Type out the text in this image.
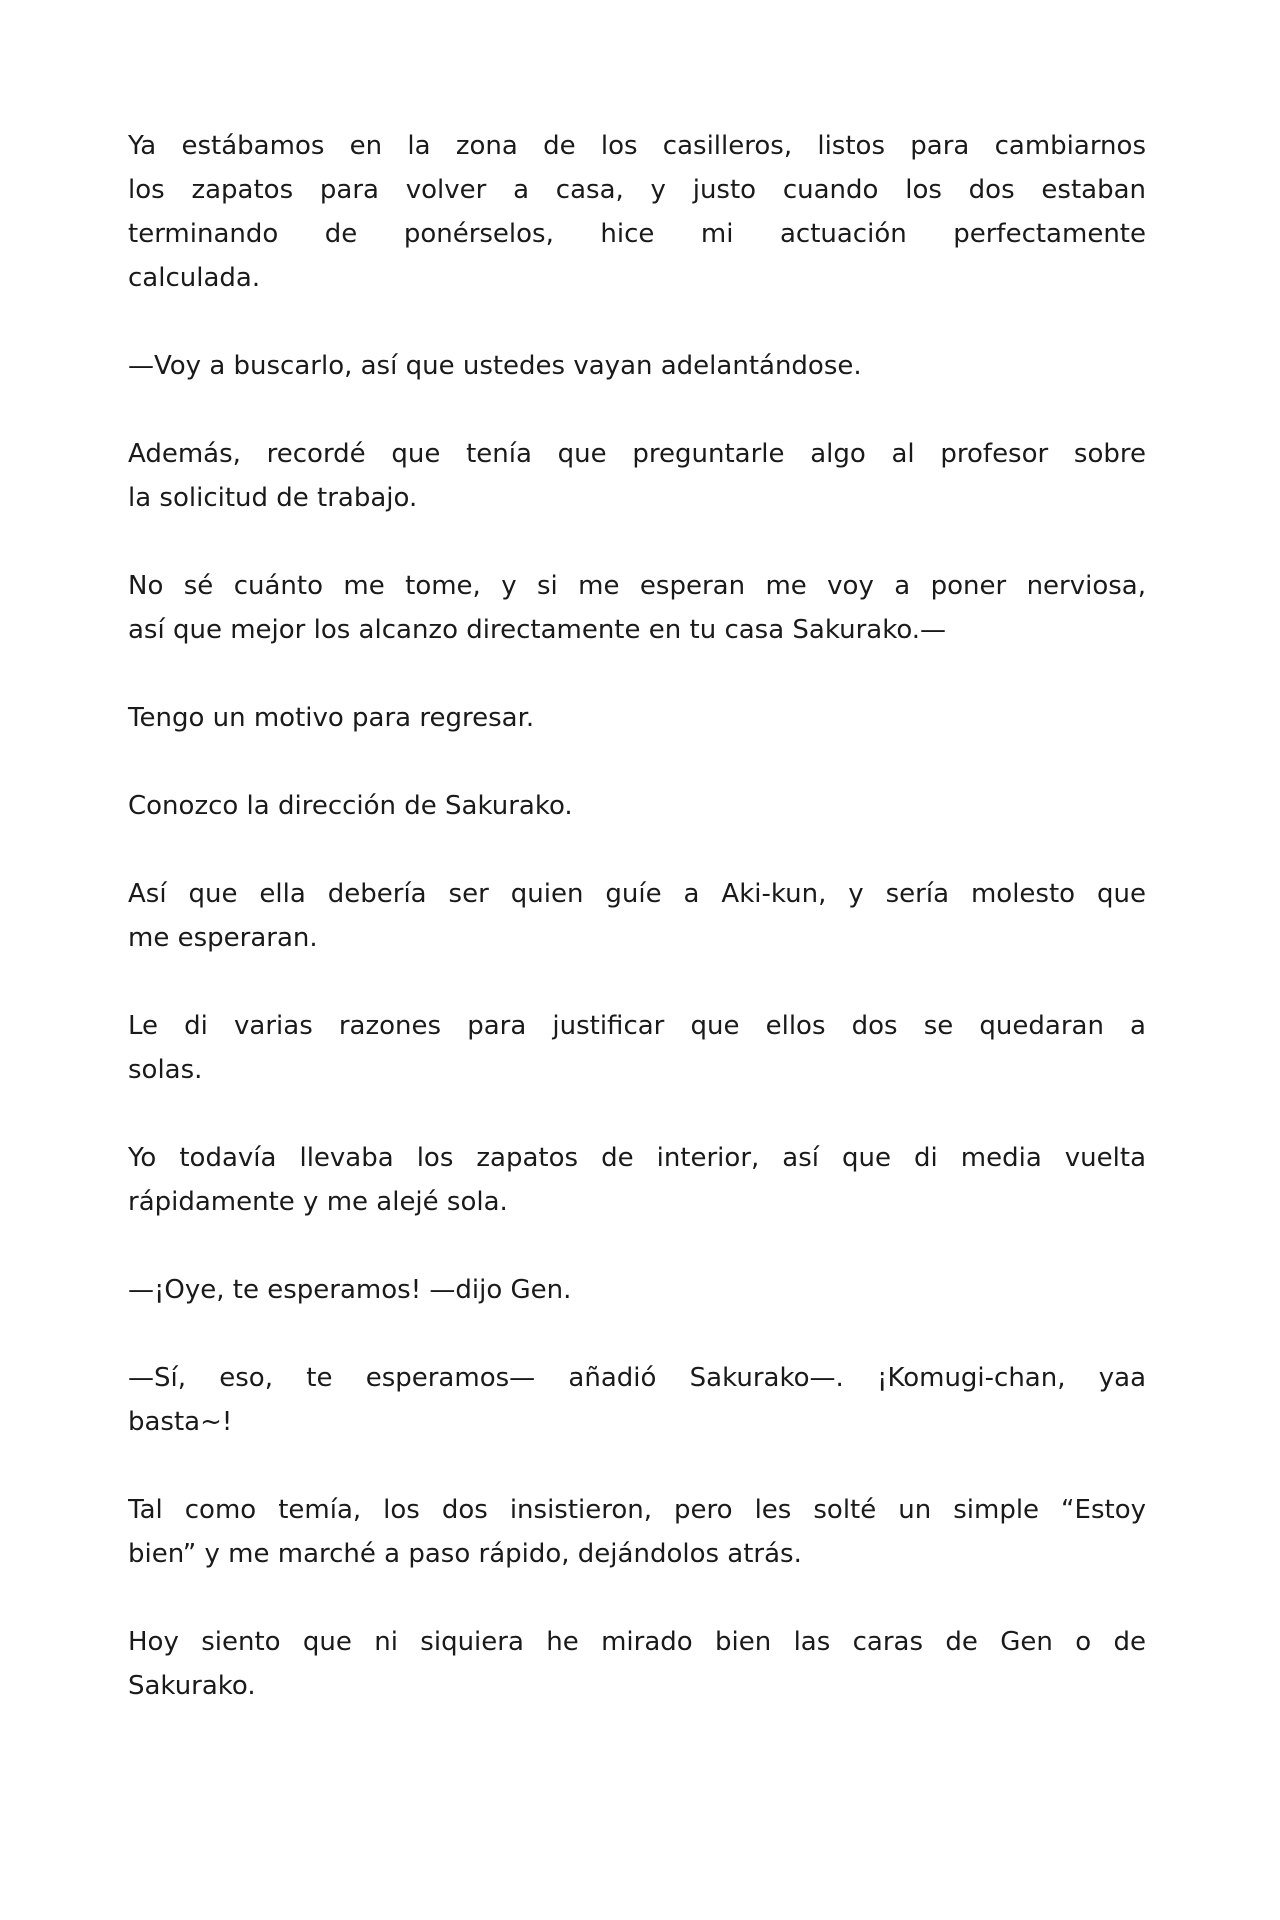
Ya estábamos en la zona de los casilleros, listos para cambiarnos
los zapatos para volver a casa, y justo cuando los dos estaban
terminando de ponérselos, hice mi actuación perfectamente
calculada.

—Voy a buscarlo, así que ustedes vayan adelantándose.

Además, recordé que tenía que preguntarle algo al profesor sobre
la solicitud de trabajo.

No sé cuánto me tome, y si me esperan me voy a poner nerviosa,
así que mejor los alcanzo directamente en tu casa Sakurako.—

Tengo un motivo para regresar.

Conozco la dirección de Sakurako.

Así que ella debería ser quien guíe a Aki-kun, y sería molesto que
me esperaran.

Le di varias razones para justificar que ellos dos se quedaran a
solas.

Yo todavía llevaba los zapatos de interior, así que di media vuelta
rápidamente y me alejé sola.

—¡Oye, te esperamos! —dijo Gen.

—Sí, eso, te esperamos— añadió Sakurako—. ¡Komugi-chan, yaa
basta~!

Tal como temía, los dos insistieron, pero les solté un simple “Estoy
bien” y me marché a paso rápido, dejándolos atrás.

Hoy siento que ni siquiera he mirado bien las caras de Gen o de
Sakurako.
